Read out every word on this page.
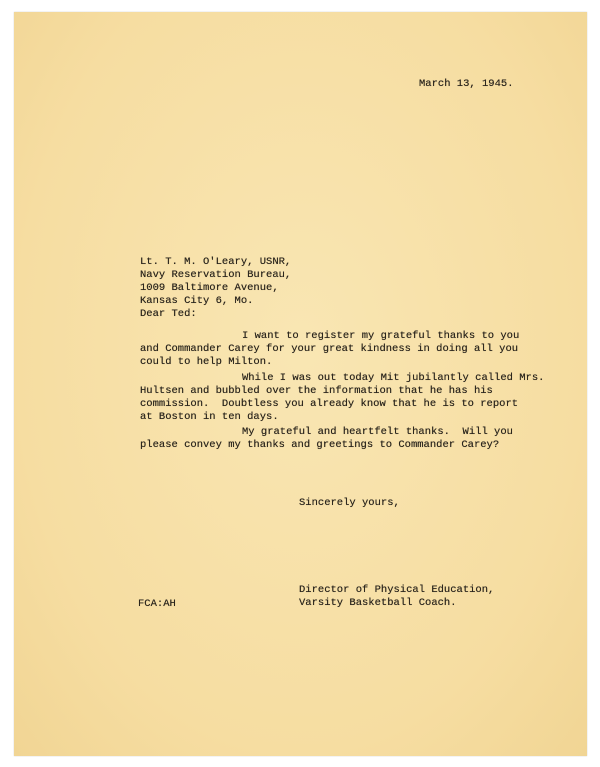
March 13, 1945.
Lt. T. M. O'Leary, USNR,
Navy Reservation Bureau,
1009 Baltimore Avenue,
Kansas City 6, Mo.
Dear Ted:
I want to register my grateful thanks to you
and Commander Carey for your great kindness in doing all you
could to help Milton.
While I was out today Mit jubilantly called Mrs.
Hultsen and bubbled over the information that he has his
commission.  Doubtless you already know that he is to report
at Boston in ten days.
My grateful and heartfelt thanks.  Will you
please convey my thanks and greetings to Commander Carey?
Sincerely yours,
Director of Physical Education,
Varsity Basketball Coach.
FCA:AH
